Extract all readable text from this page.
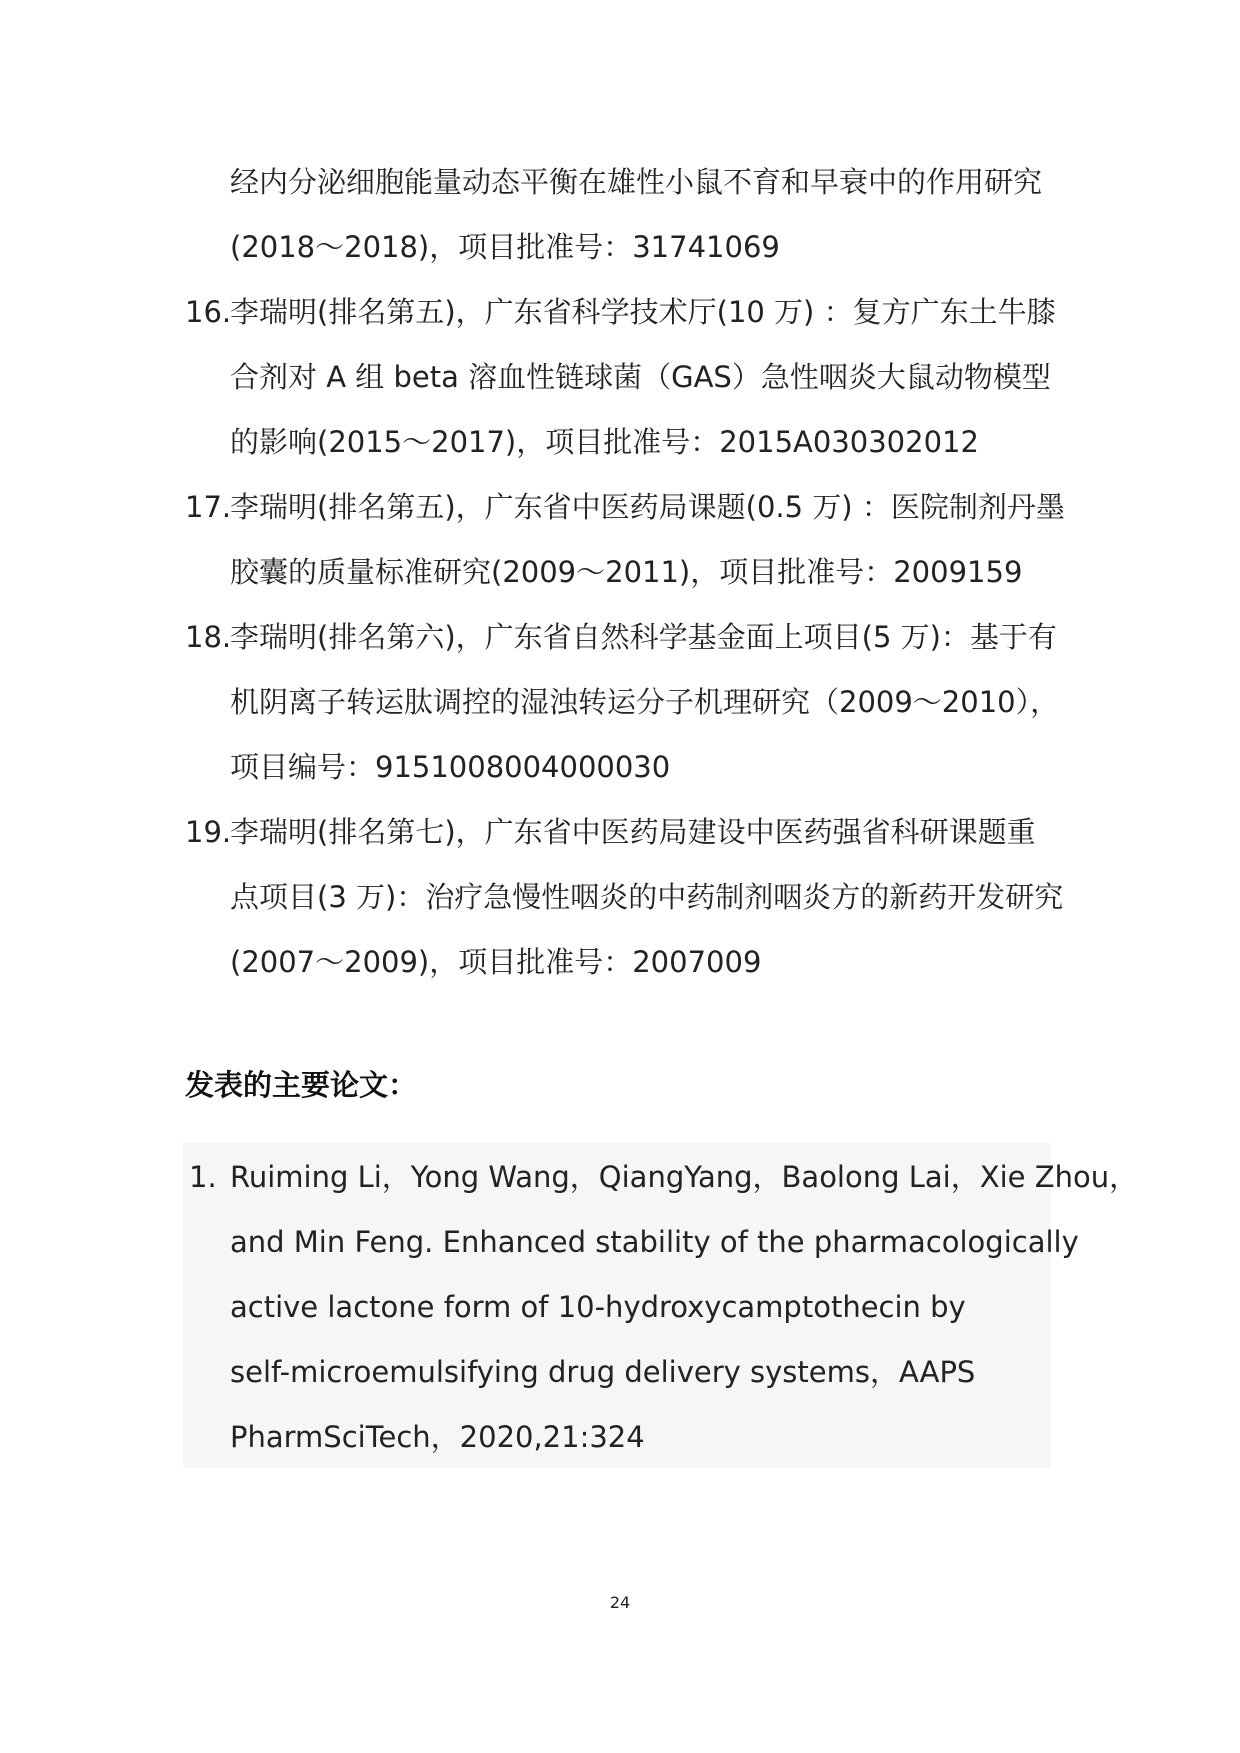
经内分泌细胞能量动态平衡在雄性小鼠不育和早衰中的作用研究
(2018～2018)，项目批准号：31741069
16.
李瑞明(排名第五)，广东省科学技术厅(10 万) ：复方广东土牛膝
合剂对 A 组 beta 溶血性链球菌（GAS）急性咽炎大鼠动物模型
的影响(2015～2017)，项目批准号：2015A030302012
17.
李瑞明(排名第五)，广东省中医药局课题(0.5 万) ：医院制剂丹墨
胶囊的质量标准研究(2009～2011)，项目批准号：2009159
18.
李瑞明(排名第六)，广东省自然科学基金面上项目(5 万)：基于有
机阴离子转运肽调控的湿浊转运分子机理研究（2009～2010），
项目编号：9151008004000030
19.
李瑞明(排名第七)，广东省中医药局建设中医药强省科研课题重
点项目(3 万)：治疗急慢性咽炎的中药制剂咽炎方的新药开发研究
(2007～2009)，项目批准号：2007009
发表的主要论文：
1. Ruiming Li，Yong Wang，QiangYang，Baolong Lai，Xie Zhou，
and Min Feng. Enhanced stability of the pharmacologically
active lactone form of 10-hydroxycamptothecin by
self-microemulsifying drug delivery systems，AAPS
PharmSciTech，2020,21:324
24
